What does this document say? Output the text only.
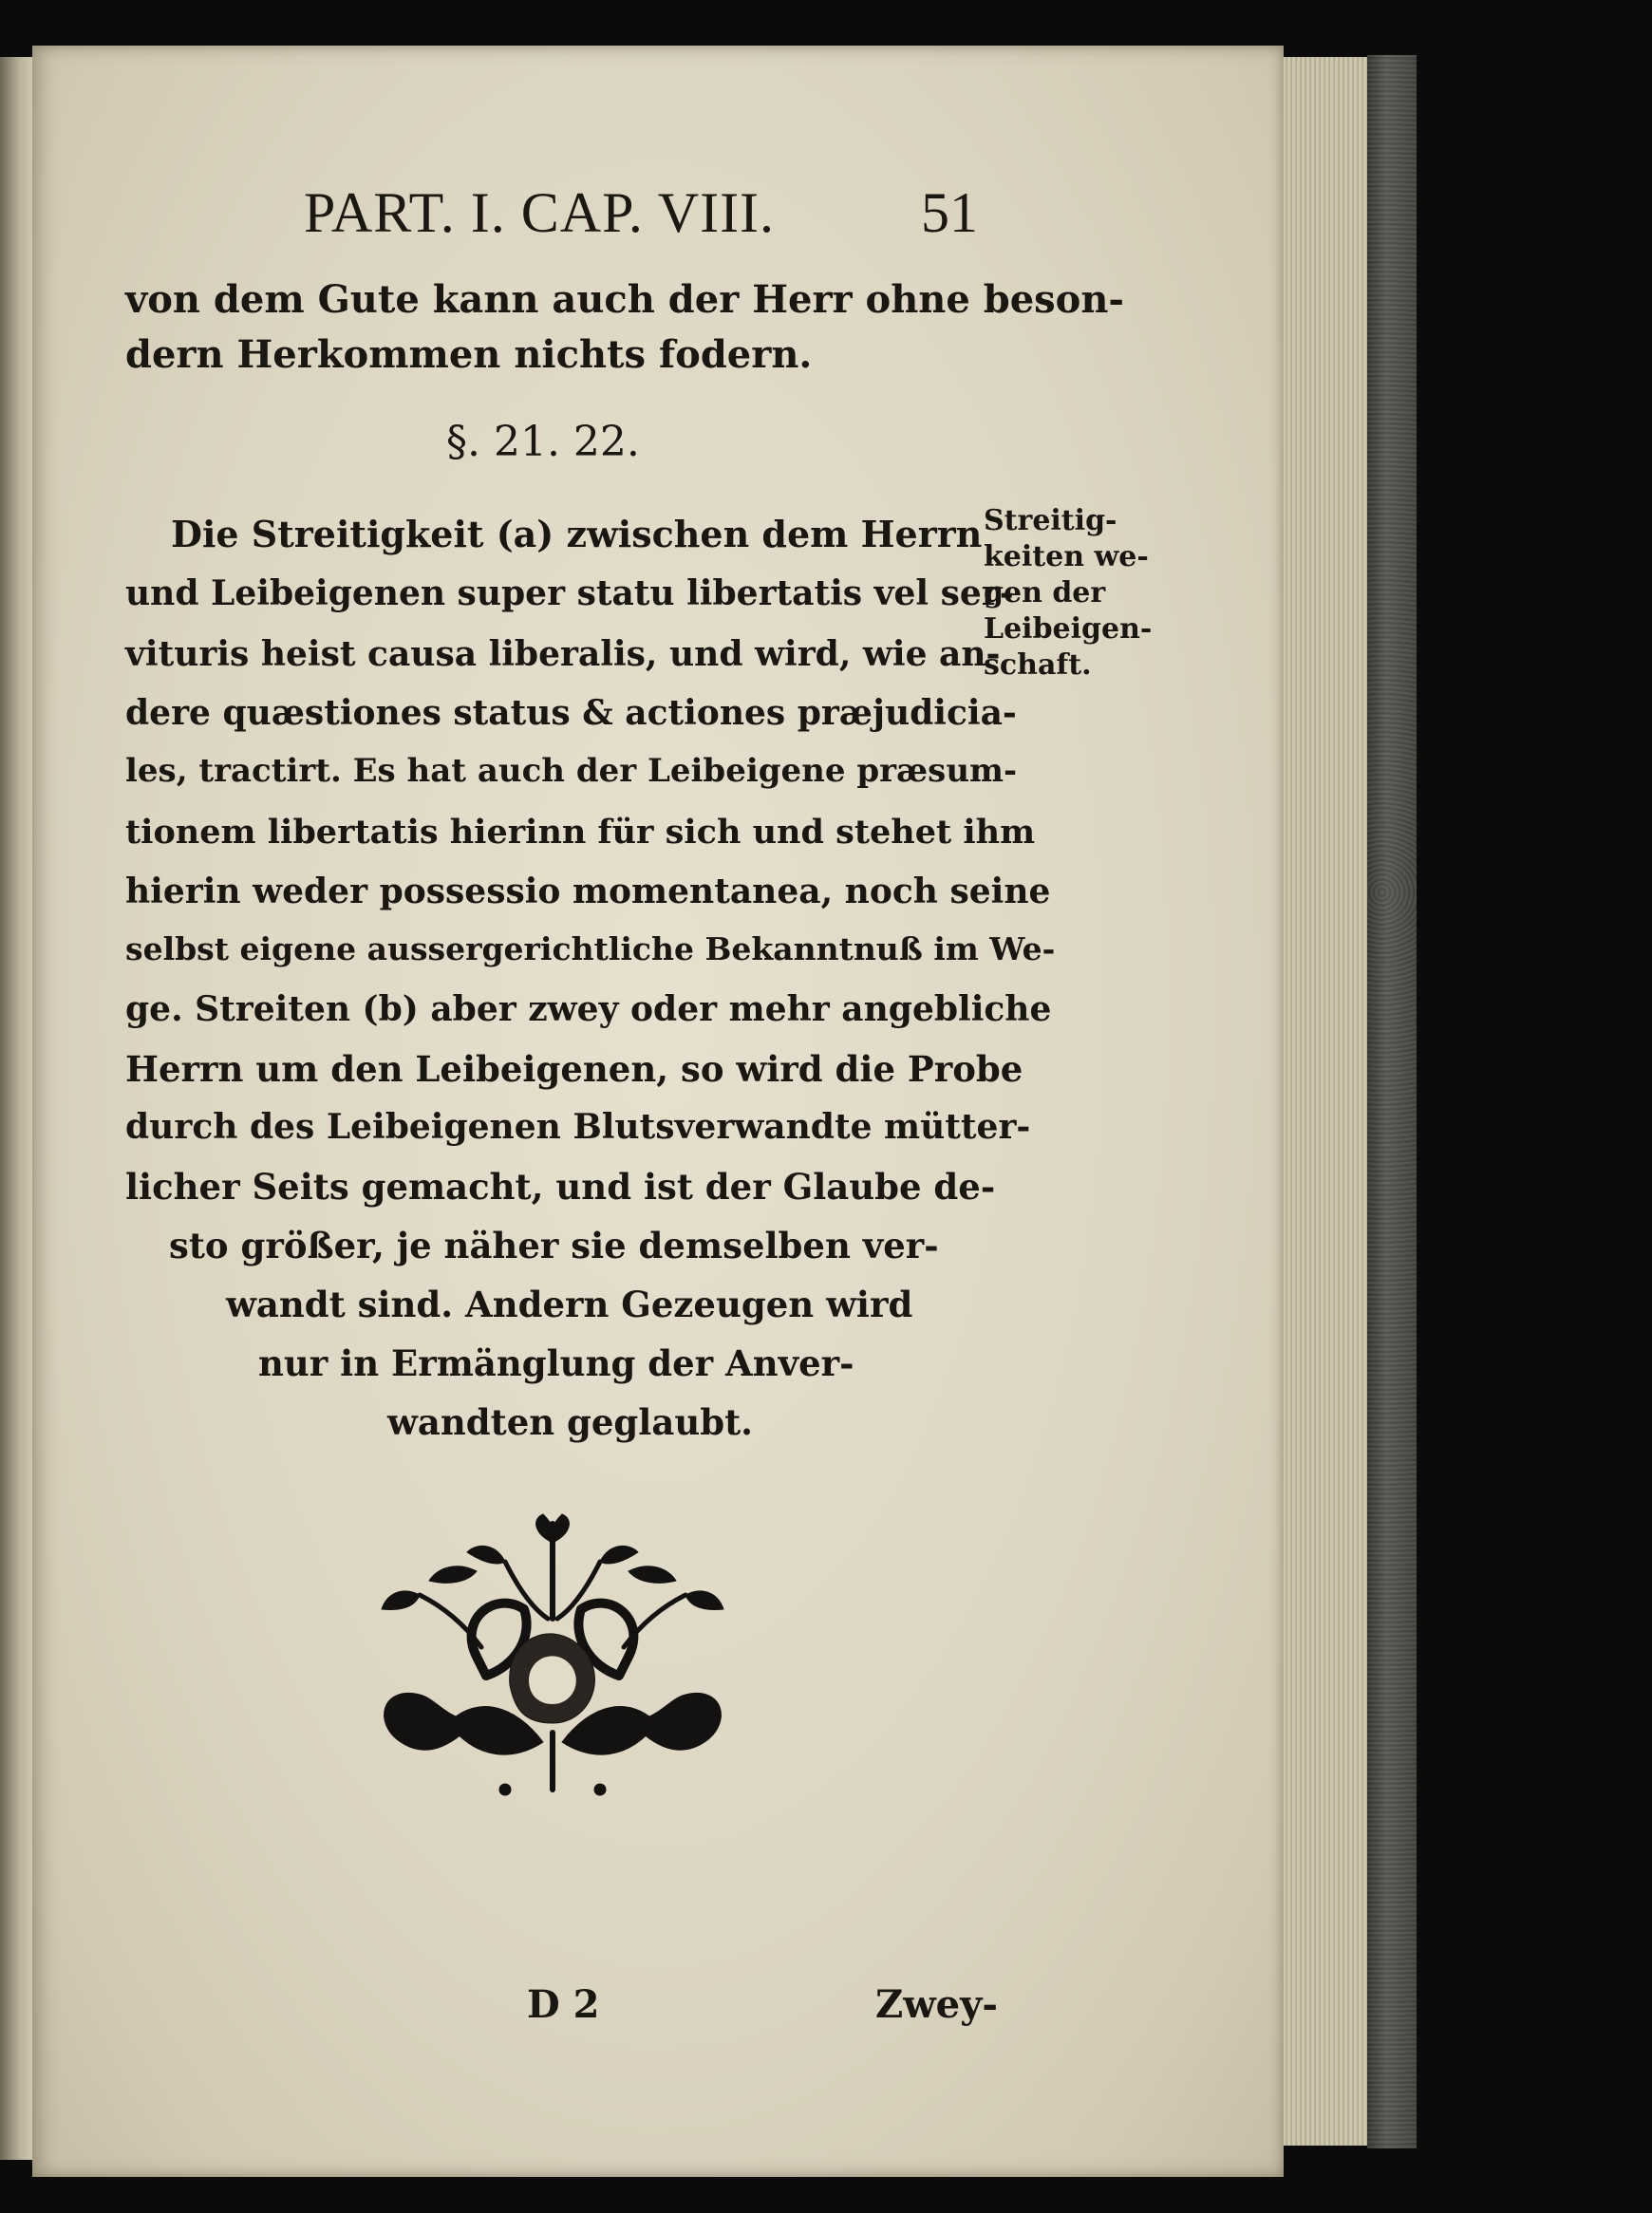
PART. I. CAP. VIII.	51
von dem Gute kann auch der Herr ohne beson-
dern Herkommen nichts fodern.
§. 21. 22.
Die Streitigkeit (a) zwischen dem Herrn
und Leibeigenen super statu libertatis vel ser-
vituris heist causa liberalis, und wird, wie an-
dere quæstiones status & actiones præjudicia-
les, tractirt. Es hat auch der Leibeigene præsum-
tionem libertatis hierinn für sich und stehet ihm
hierin weder possessio momentanea, noch seine
selbst eigene aussergerichtliche Bekanntnuß im We-
ge. Streiten (b) aber zwey oder mehr angebliche
Herrn um den Leibeigenen, so wird die Probe
durch des Leibeigenen Blutsverwandte mütter-
licher Seits gemacht, und ist der Glaube de-
sto größer, je näher sie demselben ver-
wandt sind. Andern Gezeugen wird
nur in Ermänglung der Anver-
wandten geglaubt.
Streitig-
keiten we-
gen der
Leibeigen-
schaft.
D 2	Zwey-
